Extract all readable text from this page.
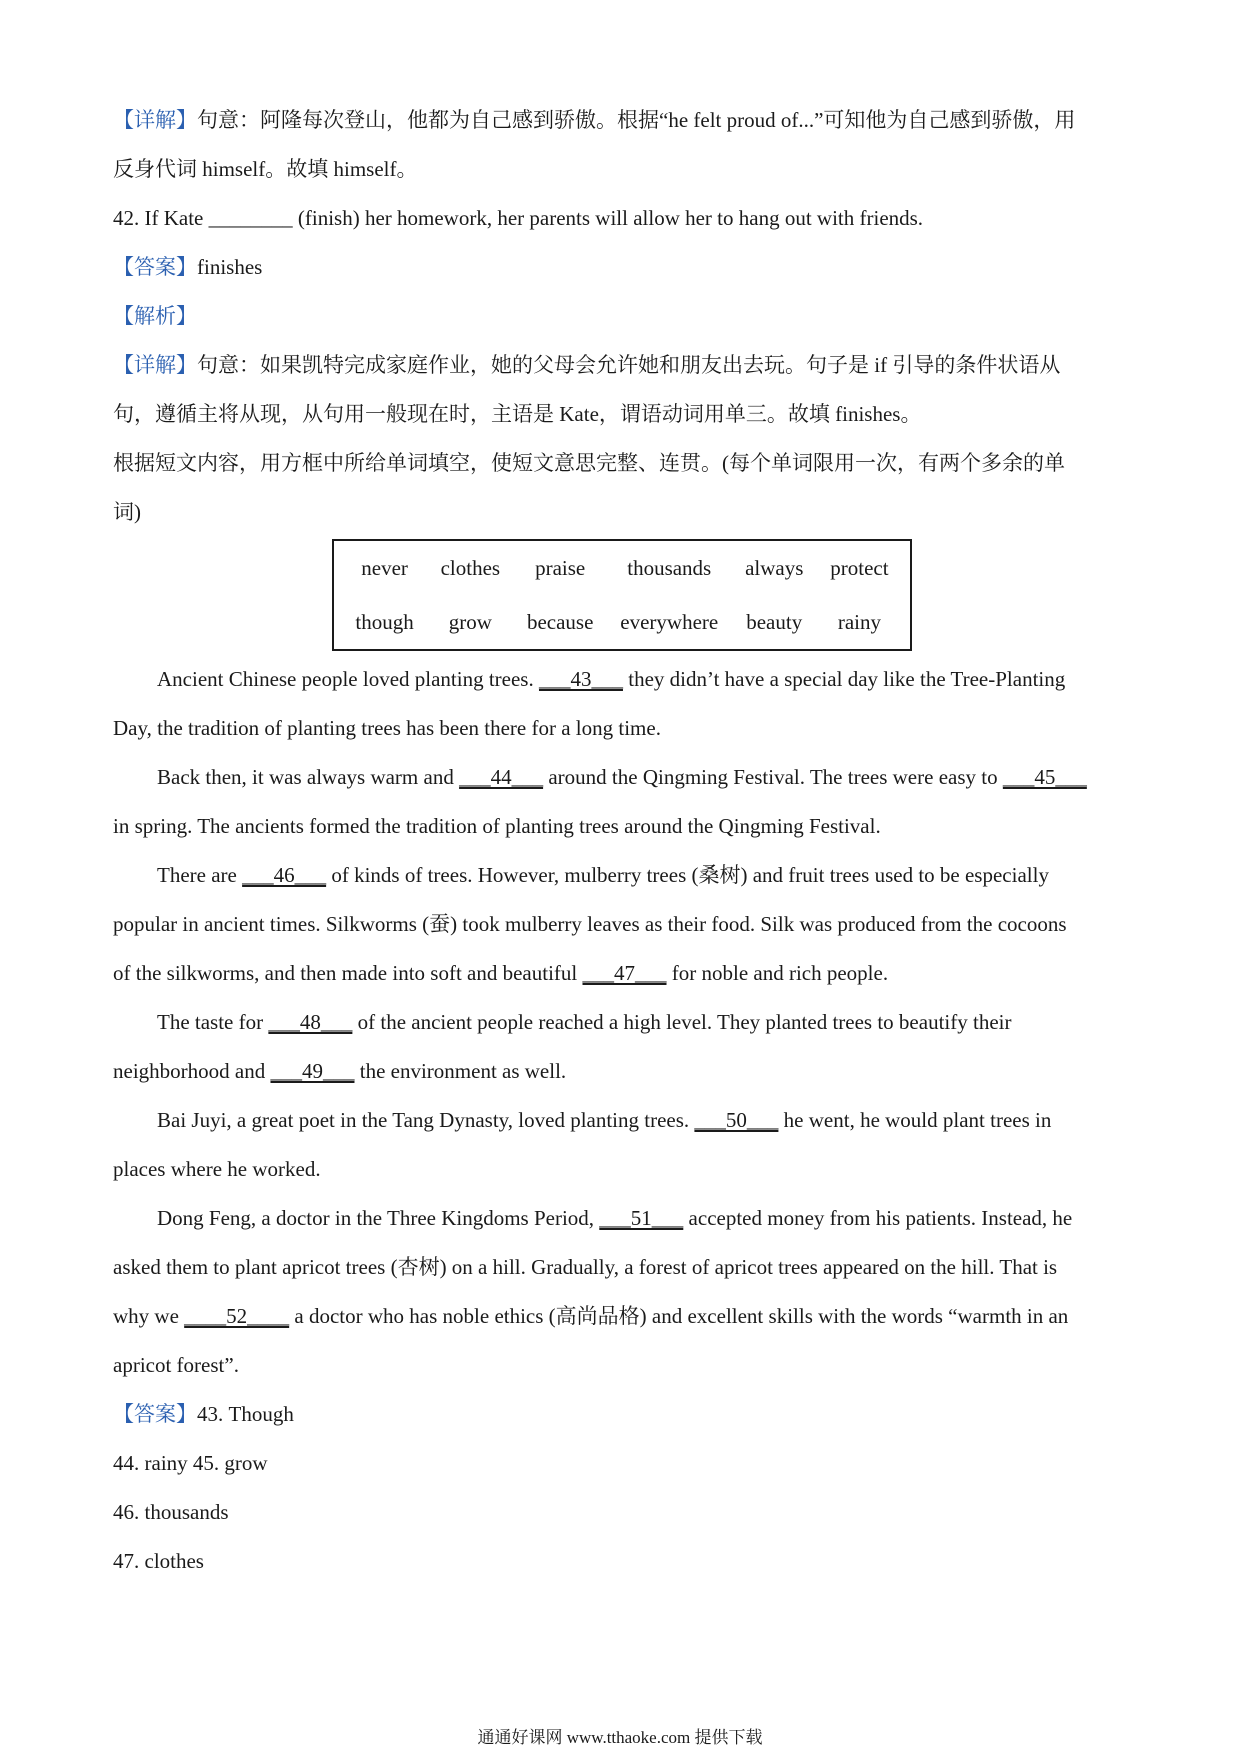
【详解】句意：阿隆每次登山，他都为自己感到骄傲。根据“he felt proud of...”可知他为自己感到骄傲，用
反身代词 himself。故填 himself。
42. If Kate ________ (finish) her homework, her parents will allow her to hang out with friends.
【答案】finishes
【解析】
【详解】句意：如果凯特完成家庭作业，她的父母会允许她和朋友出去玩。句子是 if 引导的条件状语从
句，遵循主将从现，从句用一般现在时，主语是 Kate，谓语动词用单三。故填 finishes。
根据短文内容，用方框中所给单词填空，使短文意思完整、连贯。(每个单词限用一次，有两个多余的单
词)
never clothes praise thousands always protect
though grow because everywhere beauty rainy
Ancient Chinese people loved planting trees. ___43___ they didn’t have a special day like the Tree-Planting
Day, the tradition of planting trees has been there for a long time.
Back then, it was always warm and ___44___ around the Qingming Festival. The trees were easy to ___45___
in spring. The ancients formed the tradition of planting trees around the Qingming Festival.
There are ___46___ of kinds of trees. However, mulberry trees (桑树) and fruit trees used to be especially
popular in ancient times. Silkworms (蚕) took mulberry leaves as their food. Silk was produced from the cocoons
of the silkworms, and then made into soft and beautiful ___47___ for noble and rich people.
The taste for ___48___ of the ancient people reached a high level. They planted trees to beautify their
neighborhood and ___49___ the environment as well.
Bai Juyi, a great poet in the Tang Dynasty, loved planting trees. ___50___ he went, he would plant trees in
places where he worked.
Dong Feng, a doctor in the Three Kingdoms Period, ___51___ accepted money from his patients. Instead, he
asked them to plant apricot trees (杏树) on a hill. Gradually, a forest of apricot trees appeared on the hill. That is
why we ____52____ a doctor who has noble ethics (高尚品格) and excellent skills with the words “warmth in an
apricot forest”.
【答案】43. Though
44. rainy 45. grow
46. thousands
47. clothes
通通好课网 www.tthaoke.com 提供下载
